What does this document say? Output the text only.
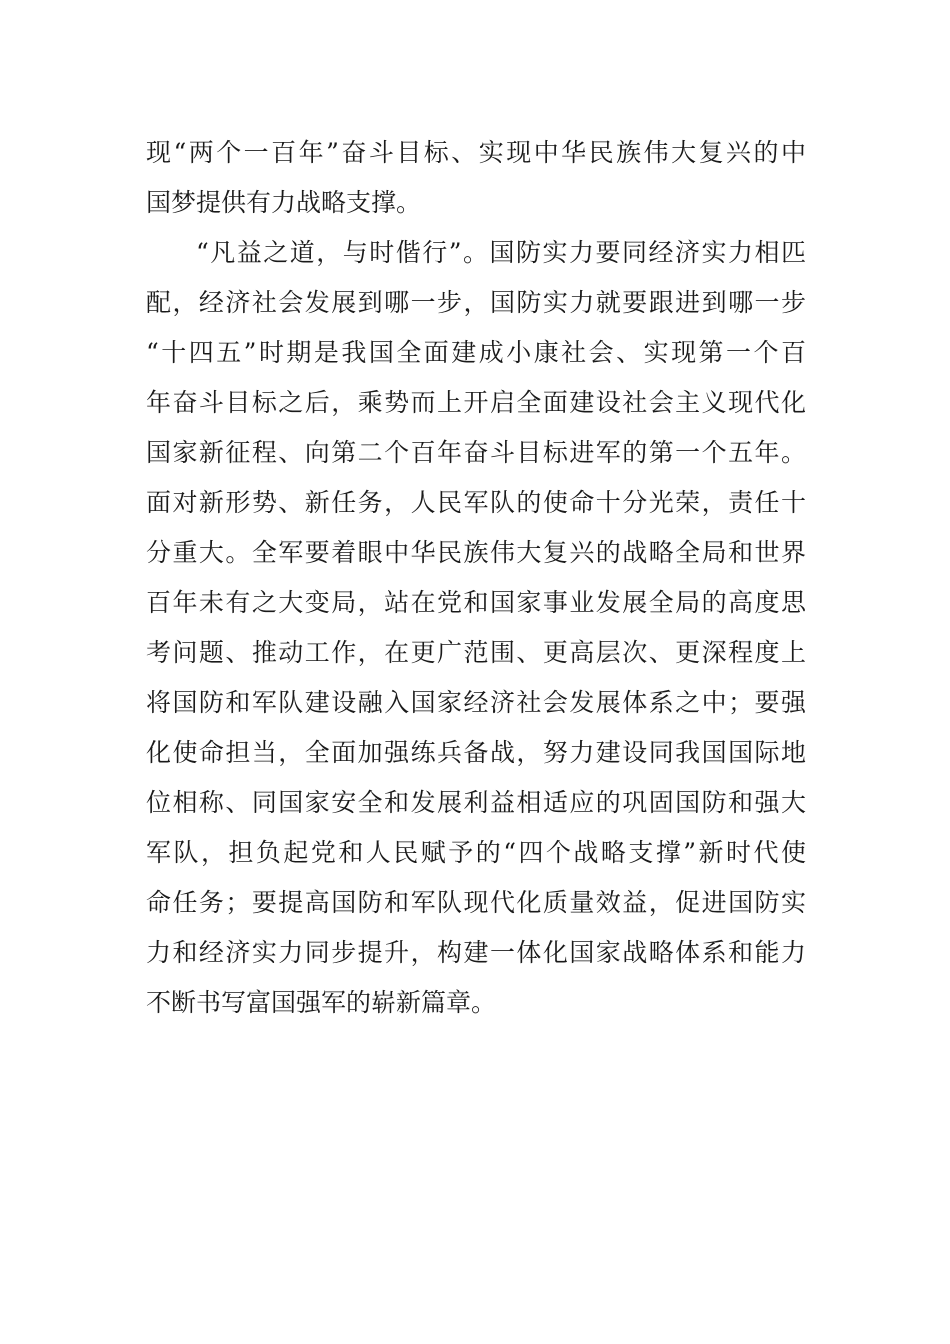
现“两个一百年”奋斗目标、实现中华民族伟大复兴的中
国梦提供有力战略支撑。
“凡益之道，与时偕行”。国防实力要同经济实力相匹
配，经济社会发展到哪一步，国防实力就要跟进到哪一步
“十四五”时期是我国全面建成小康社会、实现第一个百
年奋斗目标之后，乘势而上开启全面建设社会主义现代化
国家新征程、向第二个百年奋斗目标进军的第一个五年。
面对新形势、新任务，人民军队的使命十分光荣，责任十
分重大。全军要着眼中华民族伟大复兴的战略全局和世界
百年未有之大变局，站在党和国家事业发展全局的高度思
考问题、推动工作，在更广范围、更高层次、更深程度上
将国防和军队建设融入国家经济社会发展体系之中；要强
化使命担当，全面加强练兵备战，努力建设同我国国际地
位相称、同国家安全和发展利益相适应的巩固国防和强大
军队，担负起党和人民赋予的“四个战略支撑”新时代使
命任务；要提高国防和军队现代化质量效益，促进国防实
力和经济实力同步提升，构建一体化国家战略体系和能力
不断书写富国强军的崭新篇章。
